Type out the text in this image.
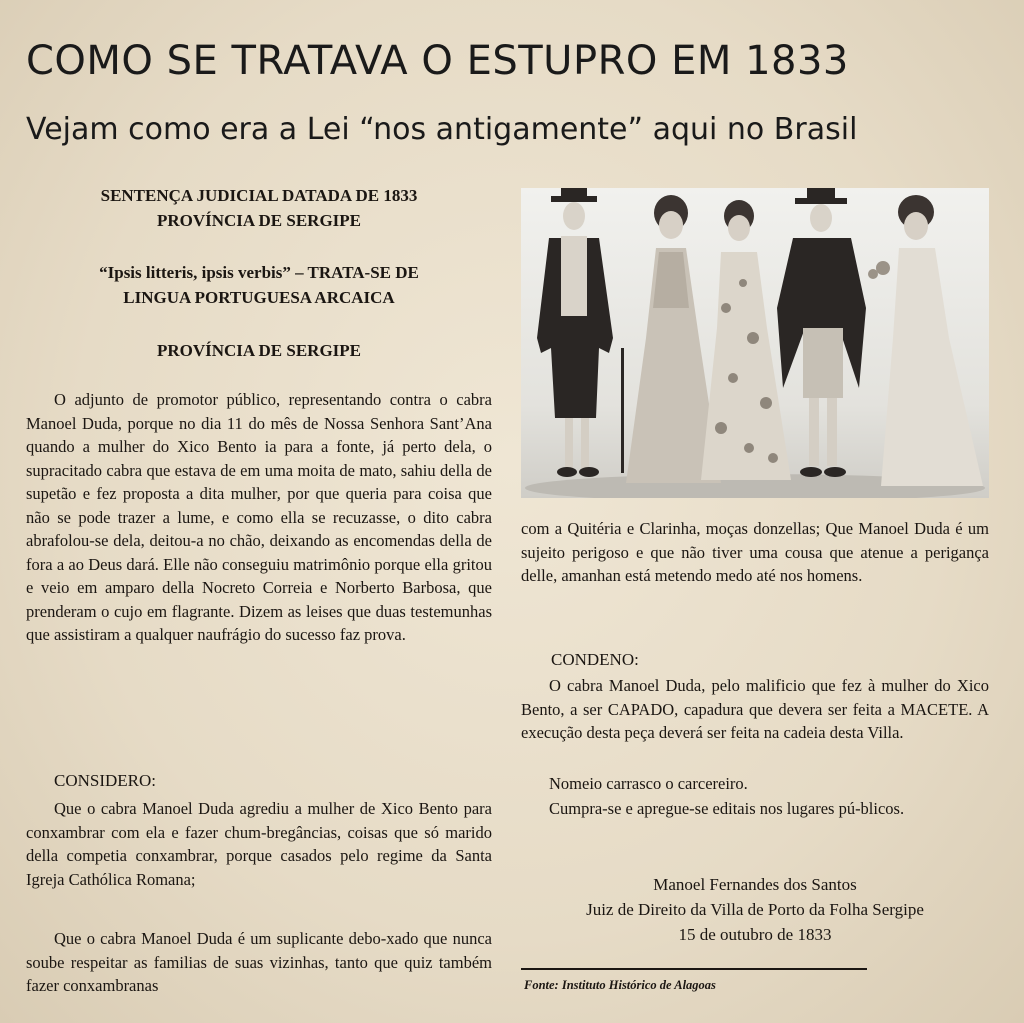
COMO SE TRATAVA O ESTUPRO EM 1833
Vejam como era a Lei “nos antigamente” aqui no Brasil
SENTENÇA JUDICIAL DATADA DE 1833
PROVÍNCIA DE SERGIPE
“Ipsis litteris, ipsis verbis” – TRATA-SE DE
LINGUA PORTUGUESA ARCAICA
PROVÍNCIA DE SERGIPE
O adjunto de promotor público, representando contra o cabra Manoel Duda, porque no dia 11 do mês de Nossa Senhora Sant’Ana quando a mulher do Xico Bento ia para a fonte, já perto dela, o supracitado cabra que estava de em uma moita de mato, sahiu della de supetão e fez proposta a dita mulher, por que queria para coisa que não se pode trazer a lume, e como ella se recuzasse, o dito cabra abrafolou-se dela, deitou-a no chão, deixando as encomendas della de fora a ao Deus dará. Elle não conseguiu matrimônio porque ella gritou e veio em amparo della Nocreto Correia e Norberto Barbosa, que prenderam o cujo em flagrante. Dizem as leises que duas testemunhas que assistiram a qualquer naufrágio do sucesso faz prova.
CONSIDERO:
Que o cabra Manoel Duda agrediu a mulher de Xico Bento para conxambrar com ela e fazer chum-bregâncias, coisas que só marido della competia conxambrar, porque casados pelo regime da Santa Igreja Cathólica Romana;
Que o cabra Manoel Duda é um suplicante debo-xado que nunca soube respeitar as familias de suas vizinhas, tanto que quiz também fazer conxambranas
com a Quitéria e Clarinha, moças donzellas; Que Manoel Duda é um sujeito perigoso e que não tiver uma cousa que atenue a perigança delle, amanhan está metendo medo até nos homens.
CONDENO:
O cabra Manoel Duda, pelo malificio que fez à mulher do Xico Bento, a ser CAPADO, capadura que devera ser feita a MACETE. A execução desta peça deverá ser feita na cadeia desta Villa.
Nomeio carrasco o carcereiro.
Cumpra-se e apregue-se editais nos lugares pú-blicos.
Manoel Fernandes dos Santos
Juiz de Direito da Villa de Porto da Folha Sergipe
15 de outubro de 1833
Fonte: Instituto Histórico de Alagoas
